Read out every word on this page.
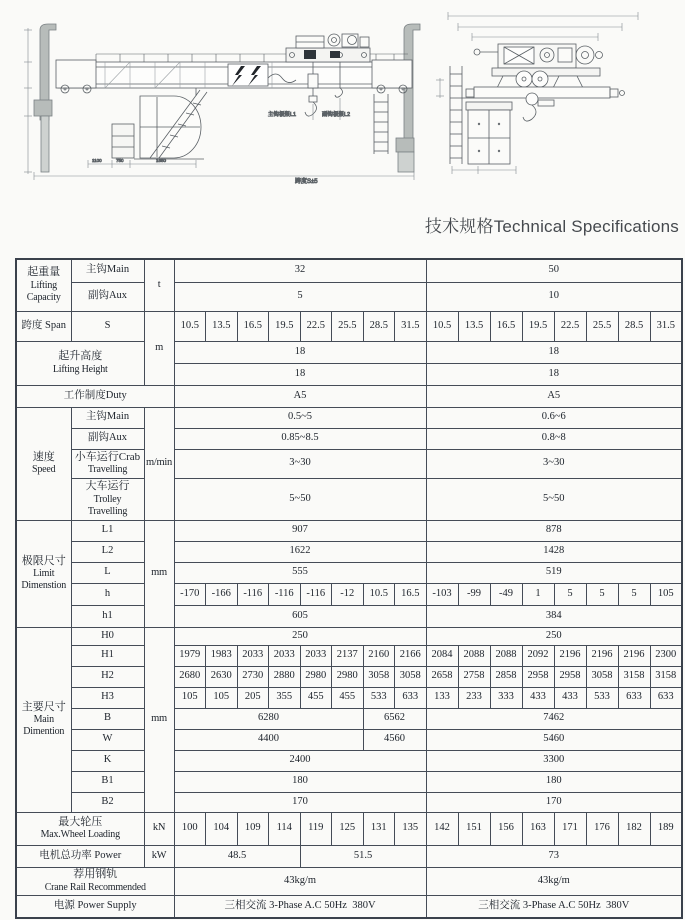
主钩极限L1	副钩极限L2
跨度S±5
1100	750	1650
技术规格Technical Specifications
起重量
Lifting
Capacity	主钩Main	t	32								50							
	副钩Aux		5								10							
跨度 Span	S	m	10.5	13.5	16.5	19.5	22.5	25.5	28.5	31.5	10.5	13.5	16.5	19.5	22.5	25.5	28.5	31.5

起升高度
Lifting Height			18								18							
			18								18							
工作制度Duty			A5								A5							

速度
Speed	主钩Main	m/min	0.5~5								0.6~6							
	副钩Aux		0.85~8.5								0.8~8							

	小车运行Crab
Travelling		3~30								3~30							

	大车运行
Trolley
Travelling		5~50								5~50							

极限尺寸
Limit
Dimenstion	L1	mm	907								878							
	L2		1622								1428							
	L		555								519							
	h		-170	-166	-116	-116	-116	-12	10.5	16.5	-103	-99	-49	1	5	5	5	105
	h1		605								384							

主要尺寸
Main
Dimention	H0	mm	250								250							
	H1		1979	1983	2033	2033	2033	2137	2160	2166	2084	2088	2088	2092	2196	2196	2196	2300
	H2		2680	2630	2730	2880	2980	2980	3058	3058	2658	2758	2858	2958	2958	3058	3158	3158
	H3		105	105	205	355	455	455	533	633	133	233	333	433	433	533	633	633
	B		6280						6562		7462							
	W		4400						4560		5460							
	K		2400								3300							
	B1		180								180							
	B2		170								170							

最大轮压
Max.Wheel Loading		kN	100	104	109	114	119	125	131	135	142	151	156	163	171	176	182	189
电机总功率 Power		kW	48.5				51.5				73							

荐用钢轨
Crane Rail Recommended			43kg/m								43kg/m							
电源 Power Supply			三相交流 3-Phase A.C 50Hz  380V								三相交流 3-Phase A.C 50Hz  380V							
